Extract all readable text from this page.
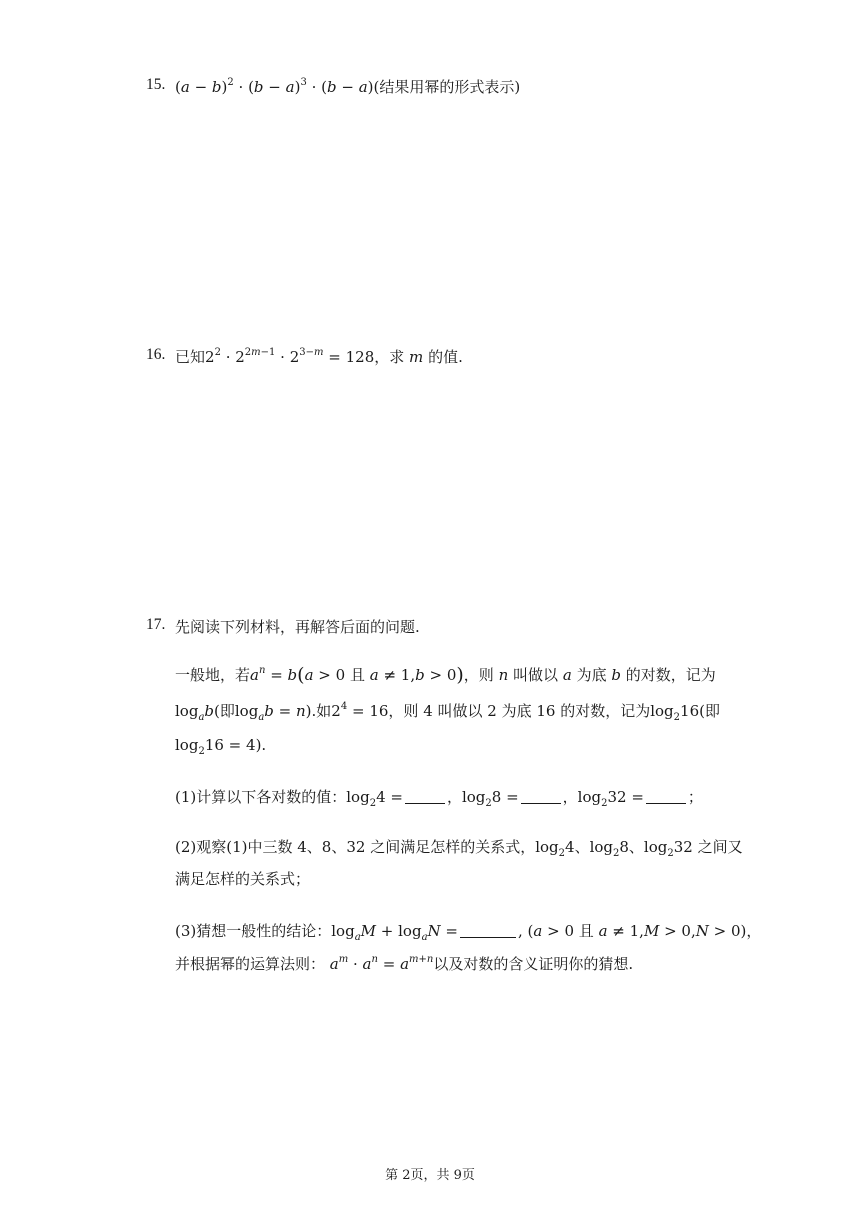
15. $(a - b)^2 \cdot (b - a)^3 \cdot (b - a)$(结果用幂的形式表示)
16. 已知$2^2 \cdot 2^{2m-1} \cdot 2^{3-m} = 128$，求 m 的值.
17. 先阅读下列材料，再解答后面的问题.
一般地，若$a^n = b(a > 0$ 且 a ≠ 1,b > 0)，则 n 叫做以 a 为底 b 的对数，记为
$\log_ab$(即$\log_ab = n$).如$2^4 = 16$，则 4 叫做以 2 为底 16 的对数，记为$\log_216$(即
$\log_216 = 4$).
(1)计算以下各对数的值：$\log_24$ =	，$\log_28$ =	，$\log_232$ =	；
(2)观察(1)中三数 4、8、32 之间满足怎样的关系式，$\log_24$、$\log_28$、$\log_232$ 之间又
满足怎样的关系式；
(3)猜想一般性的结论：$\log_aM + \log_aN$ =	, (a > 0 且 a ≠ 1,M > 0,N > 0)，
并根据幂的运算法则： $a^m \cdot a^n = a^{m+n}$以及对数的含义证明你的猜想.
第 2页，共 9页
